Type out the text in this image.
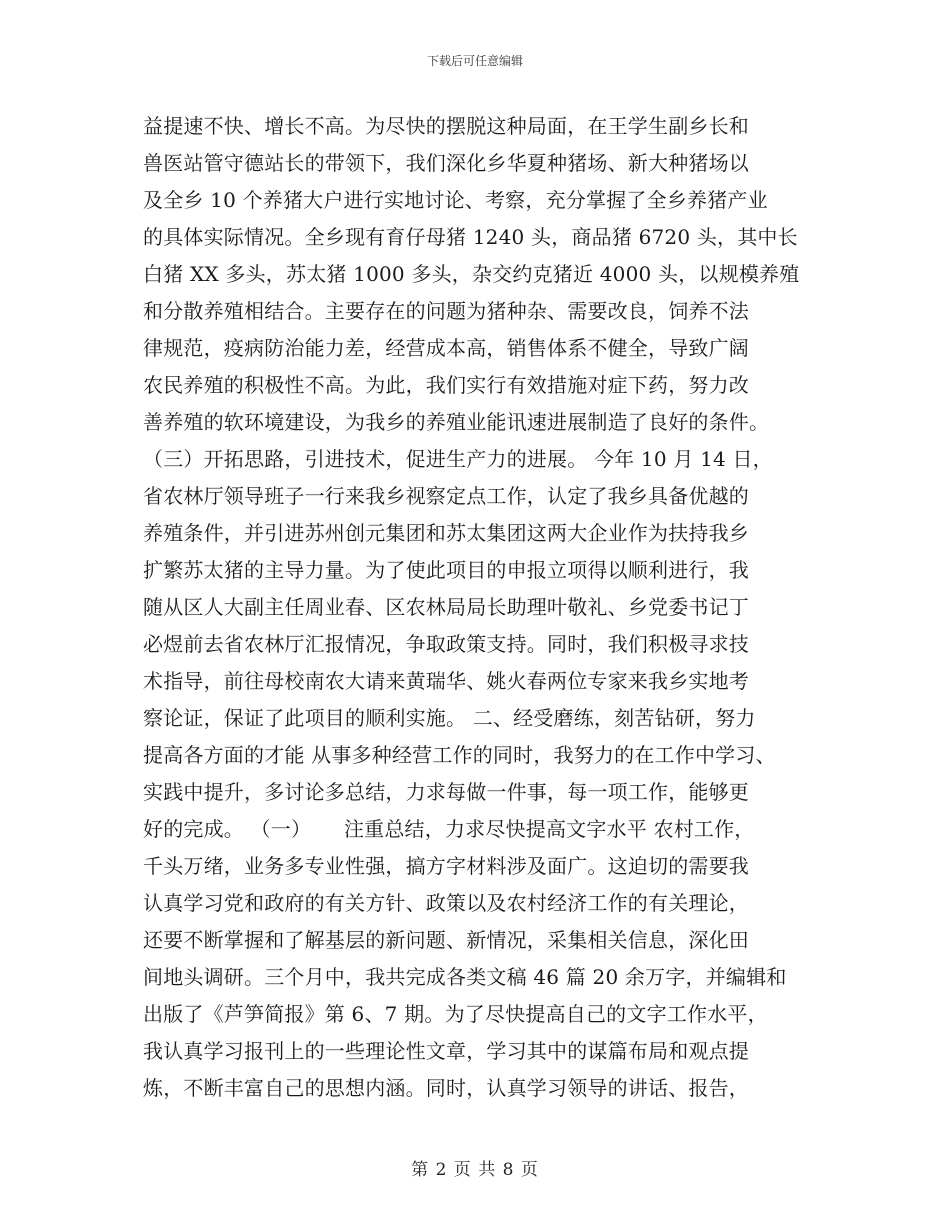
下载后可任意编辑
益提速不快、增长不高。为尽快的摆脱这种局面，在王学生副乡长和
兽医站管守德站长的带领下，我们深化乡华夏种猪场、新大种猪场以
及全乡 10 个养猪大户进行实地讨论、考察，充分掌握了全乡养猪产业
的具体实际情况。全乡现有育仔母猪 1240 头，商品猪 6720 头，其中长
白猪 XX 多头，苏太猪 1000 多头，杂交约克猪近 4000 头，以规模养殖
和分散养殖相结合。主要存在的问题为猪种杂、需要改良，饲养不法
律规范，疫病防治能力差，经营成本高，销售体系不健全，导致广阔
农民养殖的积极性不高。为此，我们实行有效措施对症下药，努力改
善养殖的软环境建设，为我乡的养殖业能讯速进展制造了良好的条件。
（三）开拓思路，引进技术，促进生产力的进展。 今年 10 月 14 日，
省农林厅领导班子一行来我乡视察定点工作，认定了我乡具备优越的
养殖条件，并引进苏州创元集团和苏太集团这两大企业作为扶持我乡
扩繁苏太猪的主导力量。为了使此项目的申报立项得以顺利进行，我
随从区人大副主任周业春、区农林局局长助理叶敬礼、乡党委书记丁
必煜前去省农林厅汇报情况，争取政策支持。同时，我们积极寻求技
术指导，前往母校南农大请来黄瑞华、姚火春两位专家来我乡实地考
察论证，保证了此项目的顺利实施。 二、经受磨练，刻苦钻研，努力
提高各方面的才能 从事多种经营工作的同时，我努力的在工作中学习、
实践中提升，多讨论多总结，力求每做一件事，每一项工作，能够更
好的完成。 （一）     注重总结，力求尽快提高文字水平 农村工作，
千头万绪，业务多专业性强，搞方字材料涉及面广。这迫切的需要我
认真学习党和政府的有关方针、政策以及农村经济工作的有关理论，
还要不断掌握和了解基层的新问题、新情况，采集相关信息，深化田
间地头调研。三个月中，我共完成各类文稿 46 篇 20 余万字，并编辑和
出版了《芦笋简报》第 6、7 期。为了尽快提高自己的文字工作水平，
我认真学习报刊上的一些理论性文章，学习其中的谋篇布局和观点提
炼，不断丰富自己的思想内涵。同时，认真学习领导的讲话、报告，
第 2 页 共 8 页
